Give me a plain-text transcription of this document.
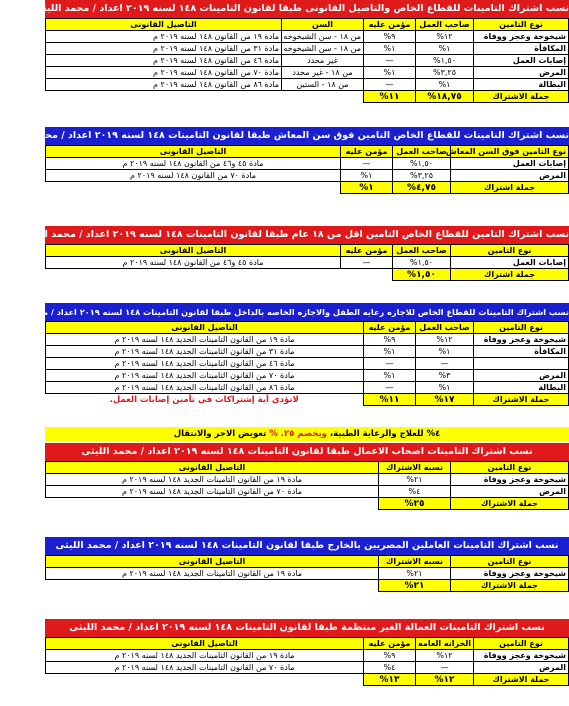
نسب اشتراك التامينات للقطاع الخاص والتاصيل القانونى طبقا لقانون التامينات ١٤٨ لسنه ٢٠١٩ اعداد / محمد الليثى
نوع التامين	صاحب العمل	مؤمن عليه	السن	التاصيل القانونى
شيخوخة وعجز ووفاة	١٢%	٩%	من ١٨ - سن الشيخوخه	مادة ١٩ من القانون ١٤٨ لسنه ٢٠١٩ م
المكافأة	١%	١%	من ١٨ - سن الشيخوخه	مادة ٣١ من القانون ١٤٨ لسنه ٢٠١٩ م
إصابات العمل	١,٥٠%	—	غير محدد	مادة ٤٦ من القانون ١٤٨ لسنه ٢٠١٩ م
المرض	٣,٢٥%	١%	من ١٨ - غير محدد	مادة ٧٠ من القانون ١٤٨ لسنه ٢٠١٩ م
البطالة	١%	—	من ١٨ - الستين	مادة ٨٦ من القانون ١٤٨ لسنه ٢٠١٩ م
جملة الاشتراك	١٨,٧٥%	١١%		
نسب اشتراك التامينات للقطاع الخاص التامين فوق سن المعاش طبقا لقانون التامينات ١٤٨ لسنه ٢٠١٩ اعداد / محمد الليثى
نوع التامين فوق السن المعاش	صاحب العمل	مؤمن عليه	التاصيل القانونى
إصابات العمل	١,٥٠%	—	مادة ٤٥ و٤٦ من القانون ١٤٨ لسنه ٢٠١٩ م
المرض	٣,٢٥%	١%	مادة ٧٠ من القانون ١٤٨ لسنه ٢٠١٩ م
جملة اشتراك	٤,٧٥%	١%	
نسب اشتراك التامين للقطاع الخاص التامين اقل من ١٨ عام طبقا لقانون التامينات ١٤٨ لسنه ٢٠١٩ اعداد / محمد الليثى
نوع التامين	صاحب العمل	مؤمن عليه	التاصيل القانونى
إصابات العمل	١,٥٠%	—	مادة ٤٥ و٤٦ من القانون ١٤٨ لسنه ٢٠١٩ م
جملة اشتراك	١,٥٠%		
نسب اشتراك التامينات للقطاع الخاص للاجازه رعايه الطفل والاجازه الخاصه بالداخل طبقا لقانون التامينات ١٤٨ لسنه ٢٠١٩ اعداد / محمد الليثى
نوع التامين	صاحب العمل	مؤمن عليه	التاصيل القانونى
شيخوخة وعجز ووفاة	١٢%	٩%	مادة ١٩ من القانون التامينات الجديد ١٤٨ لسنه ٢٠١٩ م
المكافأة	١%	١%	مادة ٣١ من القانون التامينات الجديد ١٤٨ لسنه ٢٠١٩ م
	—	—	مادة ٤٦ من القانون التامينات الجديد ١٤٨ لسنه ٢٠١٩ م
المرض	٣%	١%	مادة ٧٠ من القانون التامينات الجديد ١٤٨ لسنه ٢٠١٩ م
البطالة	١%	—	مادة ٨٦ من القانون التامينات الجديد ١٤٨ لسنه ٢٠١٩ م
جملة الاشتراك	١٧%	١١%	لاتؤدى أية إشتراكات فى تأمين إصابات العمل.
٤% للعلاج والرعاية الطبية، ويخصم ٢٥. % تعويض الاجر والانتقال
نسب اشتراك التامينات اصحاب الاعمال طبقا لقانون التامينات ١٤٨ لسنه ٢٠١٩ اعداد / محمد الليثى
نوع التامين	نسبه الاشتراك	التاصيل القانونى
شيخوخة وعجز ووفاة	٢١%	مادة ١٩ من القانون التامينات الجديد ١٤٨ لسنه ٢٠١٩ م
المرض	٤%	مادة ٧٠ من القانون التامينات الجديد ١٤٨ لسنه ٢٠١٩ م
جملة الاشتراك	٢٥%	
نسب اشتراك التامينات العاملين المصريين بالخارج طبقا لقانون التامينات ١٤٨ لسنه ٢٠١٩ اعداد / محمد الليثى
نوع التامين	نسبه الاشتراك	التاصيل القانونى
شيخوخة وعجز ووفاة	٢١%	مادة ١٩ من القانون التامينات الجديد ١٤٨ لسنه ٢٠١٩ م
جملة الاشتراك	٢١%	
نسب اشتراك التامينات العمالة الغير منتظمة طبقا لقانون التامينات ١٤٨ لسنه ٢٠١٩ اعداد / محمد الليثى
نوع التامين	الخزانه العامه	مؤمن عليه	التاصيل القانونى
شيخوخة وعجز ووفاة	١٢%	٩%	مادة ١٩ من القانون التامينات الجديد ١٤٨ لسنه ٢٠١٩ م
المرض	—	٤%	مادة ٧٠ من القانون التامينات الجديد ١٤٨ لسنه ٢٠١٩ م
جملة الاشتراك	١٢%	١٣%	
